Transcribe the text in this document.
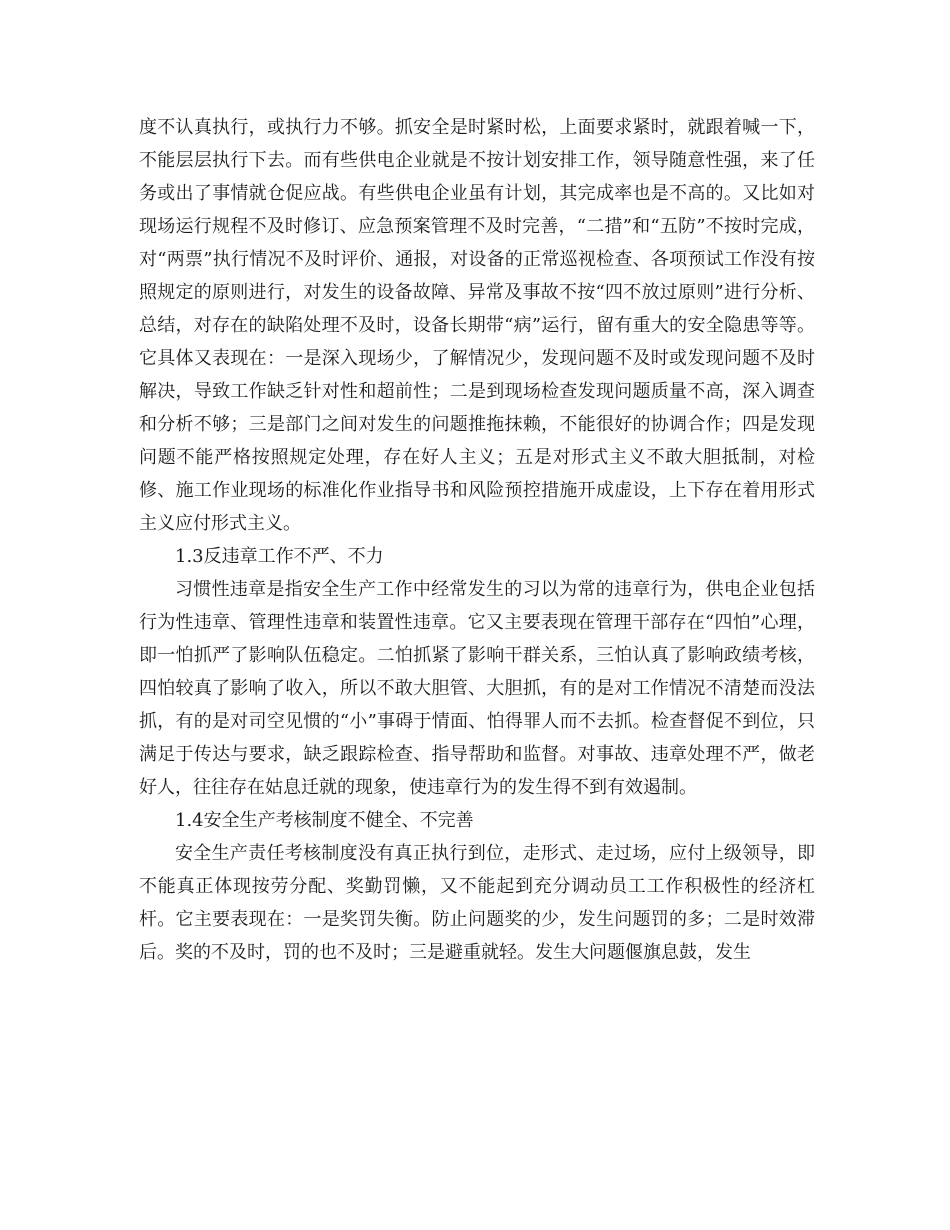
度不认真执行，或执行力不够。抓安全是时紧时松，上面要求紧时，就跟着喊一下，不能层层执行下去。而有些供电企业就是不按计划安排工作，领导随意性强，来了任务或出了事情就仓促应战。有些供电企业虽有计划，其完成率也是不高的。又比如对现场运行规程不及时修订、应急预案管理不及时完善，“二措”和“五防”不按时完成，对“两票”执行情况不及时评价、通报，对设备的正常巡视检查、各项预试工作没有按照规定的原则进行，对发生的设备故障、异常及事故不按“四不放过原则”进行分析、总结，对存在的缺陷处理不及时，设备长期带“病”运行，留有重大的安全隐患等等。它具体又表现在：一是深入现场少，了解情况少，发现问题不及时或发现问题不及时解决，导致工作缺乏针对性和超前性；二是到现场检查发现问题质量不高，深入调查和分析不够；三是部门之间对发生的问题推拖抹赖，不能很好的协调合作；四是发现问题不能严格按照规定处理，存在好人主义；五是对形式主义不敢大胆抵制，对检修、施工作业现场的标准化作业指导书和风险预控措施开成虚设，上下存在着用形式主义应付形式主义。

1.3反违章工作不严、不力

习惯性违章是指安全生产工作中经常发生的习以为常的违章行为，供电企业包括行为性违章、管理性违章和装置性违章。它又主要表现在管理干部存在“四怕”心理，即一怕抓严了影响队伍稳定。二怕抓紧了影响干群关系，三怕认真了影响政绩考核，四怕较真了影响了收入，所以不敢大胆管、大胆抓，有的是对工作情况不清楚而没法抓，有的是对司空见惯的“小”事碍于情面、怕得罪人而不去抓。检查督促不到位，只满足于传达与要求，缺乏跟踪检查、指导帮助和监督。对事故、违章处理不严，做老好人，往往存在姑息迁就的现象，使违章行为的发生得不到有效遏制。

1.4安全生产考核制度不健全、不完善

安全生产责任考核制度没有真正执行到位，走形式、走过场，应付上级领导，即不能真正体现按劳分配、奖勤罚懒，又不能起到充分调动员工工作积极性的经济杠杆。它主要表现在：一是奖罚失衡。防止问题奖的少，发生问题罚的多；二是时效滞后。奖的不及时，罚的也不及时；三是避重就轻。发生大问题偃旗息鼓，发生
